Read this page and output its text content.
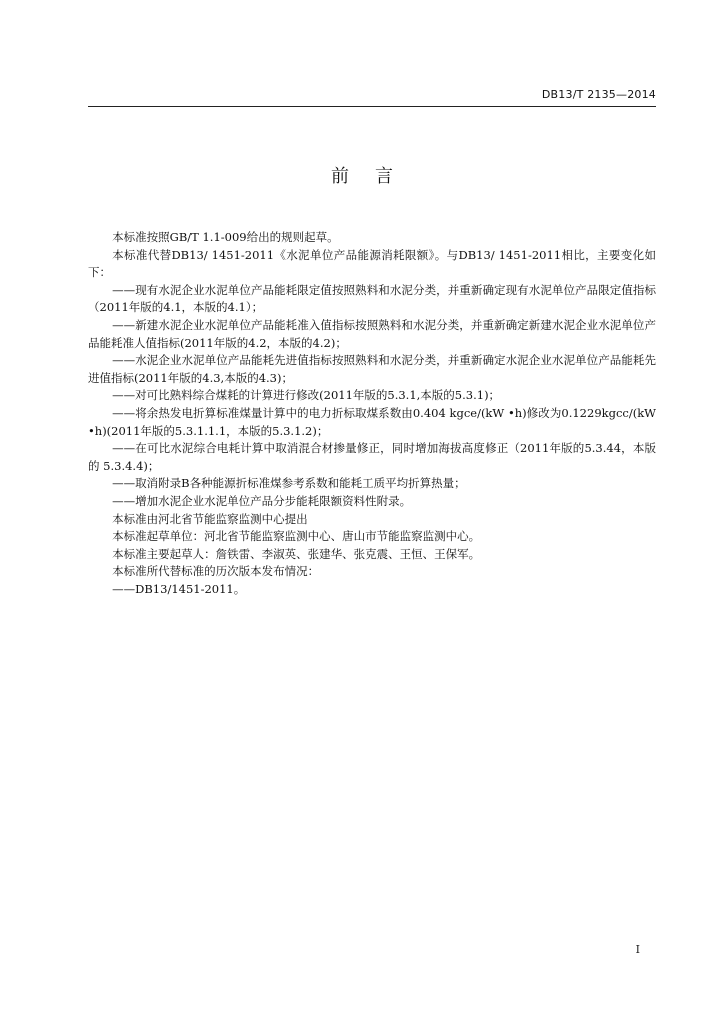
DB13/T 2135—2014
前言

本标准按照GB/T 1.1-009给出的规则起草。

本标准代替DB13/ 1451-2011《水泥单位产品能源消耗限额》。与DB13/ 1451-2011相比，主要变化如下：

——现有水泥企业水泥单位产品能耗限定值按照熟料和水泥分类，并重新确定现有水泥单位产品限定值指标（2011年版的4.1，本版的4.1）；

——新建水泥企业水泥单位产品能耗准入值指标按照熟料和水泥分类，并重新确定新建水泥企业水泥单位产品能耗准人值指标(2011年版的4.2，本版的4.2)；

——水泥企业水泥单位产品能耗先进值指标按照熟料和水泥分类，并重新确定水泥企业水泥单位产品能耗先进值指标(2011年版的4.3,本版的4.3)；

——对可比熟料综合煤耗的计算进行修改(2011年版的5.3.1,本版的5.3.1)；

——将余热发电折算标准煤量计算中的电力折标取煤系数由0.404 kgce/(kW •h)修改为0.1229kgcc/(kW •h)(2011年版的5.3.1.1.1，本版的5.3.1.2)；

——在可比水泥综合电耗计算中取消混合材掺量修正，同时增加海拔高度修正（2011年版的5.3.44，本版的 5.3.4.4)；

——取消附录B各种能源折标准煤参考系数和能耗工质平均折算热量；

——增加水泥企业水泥单位产品分步能耗限额资料性附录。

本标准由河北省节能监察监测中心提出

本标准起草单位：河北省节能监察监测中心、唐山市节能监察监测中心。

本标准主要起草人：詹铁雷、李淑英、张建华、张克震、王恒、王保军。

本标准所代替标准的历次版本发布情况：

——DB13/1451-2011。

I
